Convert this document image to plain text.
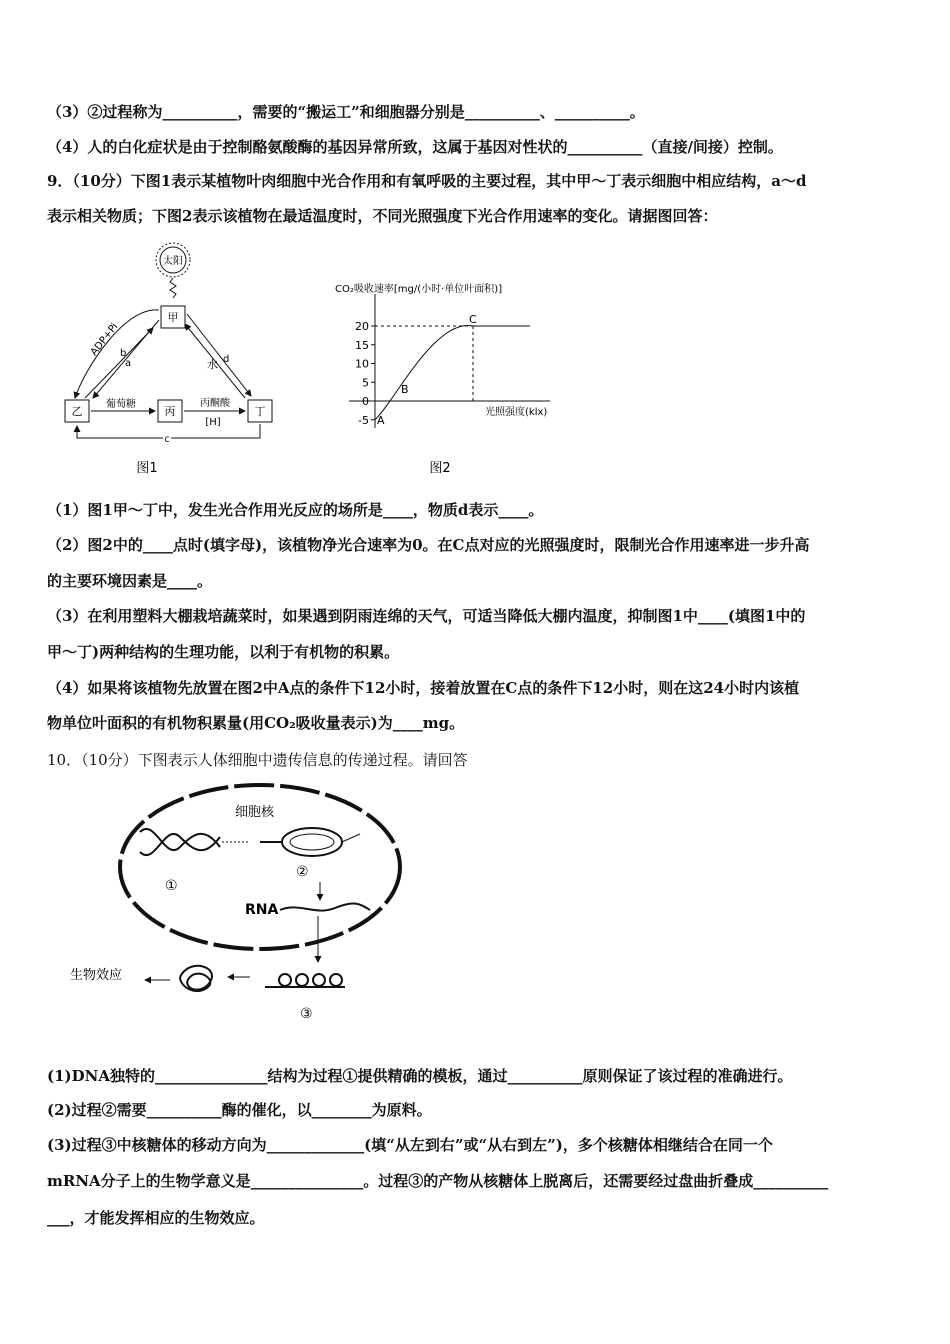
（3）②过程称为__________，需要的“搬运工”和细胞器分别是__________、__________。
（4）人的白化症状是由于控制酪氨酸酶的基因异常所致，这属于基因对性状的__________（直接/间接）控制。
9．（10分）下图1表示某植物叶肉细胞中光合作用和有氧呼吸的主要过程，其中甲～丁表示细胞中相应结构，a～d
表示相关物质；下图2表示该植物在最适温度时，不同光照强度下光合作用速率的变化。请据图回答：
太阳
甲
乙	丙	丁
ADP+Pi b
a	水 d
葡萄糖	丙酮酸
[H]
c
图1
CO₂吸收速率[mg/(小时·单位叶面积)]
20
15
10
5
0
-5
光照强度(klx)
A
B
C
图2
（1）图1甲～丁中，发生光合作用光反应的场所是____，物质d表示____。
（2）图2中的____点时(填字母)，该植物净光合速率为0。在C点对应的光照强度时，限制光合作用速率进一步升高
的主要环境因素是____。
（3）在利用塑料大棚栽培蔬菜时，如果遇到阴雨连绵的天气，可适当降低大棚内温度，抑制图1中____(填图1中的
甲～丁)两种结构的生理功能，以利于有机物的积累。
（4）如果将该植物先放置在图2中A点的条件下12小时，接着放置在C点的条件下12小时，则在这24小时内该植
物单位叶面积的有机物积累量(用CO₂吸收量表示)为____mg。
10．（10分）下图表示人体细胞中遗传信息的传递过程。请回答
细胞核
①
②
RNA
生物效应
③
(1)DNA独特的_______________结构为过程①提供精确的模板，通过__________原则保证了该过程的准确进行。
(2)过程②需要__________酶的催化，以________为原料。
(3)过程③中核糖体的移动方向为_____________(填“从左到右”或“从右到左”)，多个核糖体相继结合在同一个
mRNA分子上的生物学意义是_______________。过程③的产物从核糖体上脱离后，还需要经过盘曲折叠成__________
___，才能发挥相应的生物效应。
